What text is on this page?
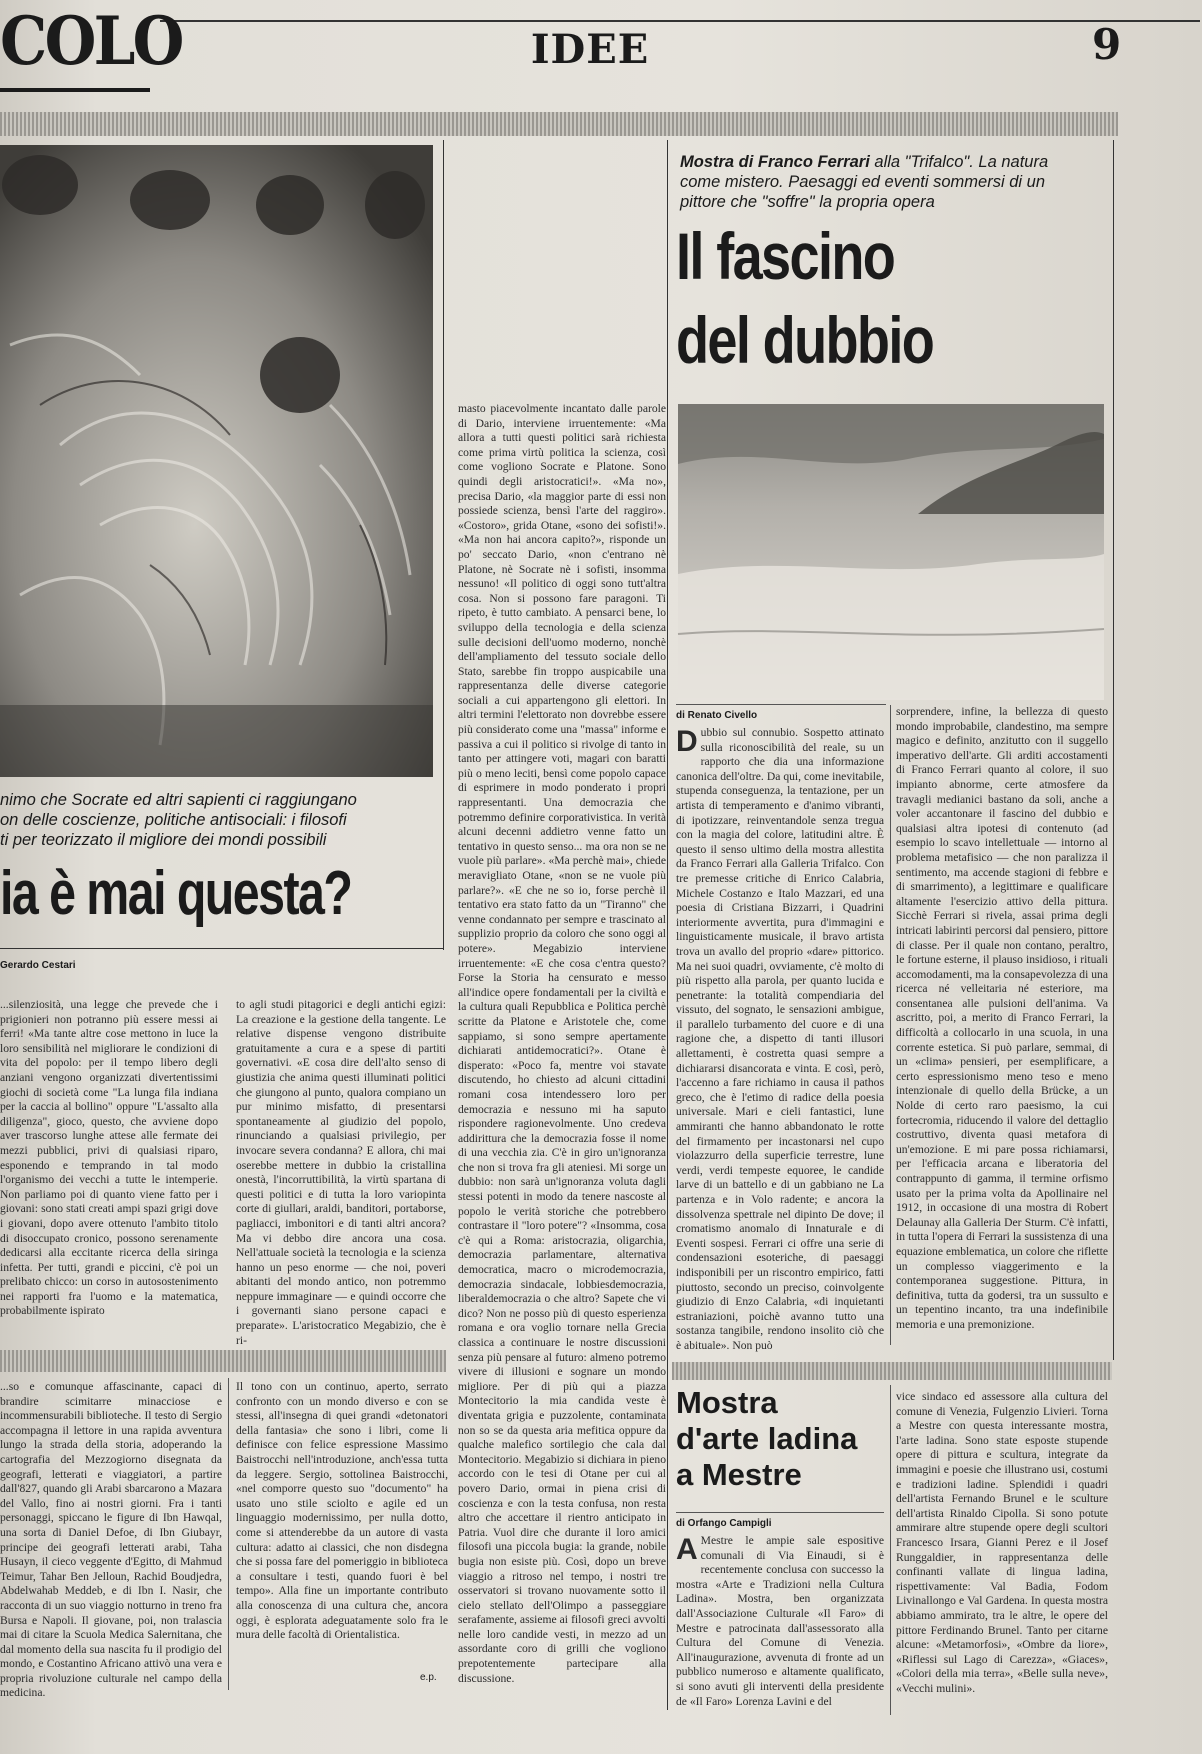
COLO	IDEE	9
nimo che Socrate ed altri sapienti ci raggiungano
on delle coscienze, politiche antisociali: i filosofi
ti per teorizzato il migliore dei mondi possibili
ia è mai questa?
Gerardo Cestari
...silenziosità, una legge che prevede che i prigionieri non potranno più essere messi ai ferri! «Ma tante altre cose mettono in luce la loro sensibilità nel migliorare le condizioni di vita del popolo: per il tempo libero degli anziani vengono organizzati divertentissimi giochi di società come "La lunga fila indiana per la caccia al bollino" oppure "L'assalto alla diligenza", gioco, questo, che avviene dopo aver trascorso lunghe attese alle fermate dei mezzi pubblici, privi di qualsiasi riparo, esponendo e temprando in tal modo l'organismo dei vecchi a tutte le intemperie. Non parliamo poi di quanto viene fatto per i giovani: sono stati creati ampi spazi grigi dove i giovani, dopo avere ottenuto l'ambito titolo di disoccupato cronico, possono serenamente dedicarsi alla eccitante ricerca della siringa infetta. Per tutti, grandi e piccini, c'è poi un prelibato chicco: un corso in autosostenimento nei rapporti fra l'uomo e la matematica, probabilmente ispirato
to agli studi pitagorici e degli antichi egizi: La creazione e la gestione della tangente. Le relative dispense vengono distribuite gratuitamente a cura e a spese di partiti governativi. «E cosa dire dell'alto senso di giustizia che anima questi illuminati politici che giungono al punto, qualora compiano un pur minimo misfatto, di presentarsi spontaneamente al giudizio del popolo, rinunciando a qualsiasi privilegio, per invocare severa condanna? E allora, chi mai oserebbe mettere in dubbio la cristallina onestà, l'incorruttibilità, la virtù spartana di questi politici e di tutta la loro variopinta corte di giullari, araldi, banditori, portaborse, pagliacci, imbonitori e di tanti altri ancora? Ma vi debbo dire ancora una cosa. Nell'attuale società la tecnologia e la scienza hanno un peso enorme — che noi, poveri abitanti del mondo antico, non potremmo neppure immaginare — e quindi occorre che i governanti siano persone capaci e preparate». L'aristocratico Megabizio, che è ri-
masto piacevolmente incantato dalle parole di Dario, interviene irruentemente: «Ma allora a tutti questi politici sarà richiesta come prima virtù politica la scienza, così come vogliono Socrate e Platone. Sono quindi degli aristocratici!». «Ma no», precisa Dario, «la maggior parte di essi non possiede scienza, bensì l'arte del raggiro». «Costoro», grida Otane, «sono dei sofisti!». «Ma non hai ancora capito?», risponde un po' seccato Dario, «non c'entrano nè Platone, nè Socrate nè i sofisti, insomma nessuno! «Il politico di oggi sono tutt'altra cosa. Non si possono fare paragoni. Ti ripeto, è tutto cambiato. A pensarci bene, lo sviluppo della tecnologia e della scienza sulle decisioni dell'uomo moderno, nonchè dell'ampliamento del tessuto sociale dello Stato, sarebbe fin troppo auspicabile una rappresentanza delle diverse categorie sociali a cui appartengono gli elettori. In altri termini l'elettorato non dovrebbe essere più considerato come una "massa" informe e passiva a cui il politico si rivolge di tanto in tanto per attingere voti, magari con baratti più o meno leciti, bensì come popolo capace di esprimere in modo ponderato i propri rappresentanti. Una democrazia che potremmo definire corporativistica. In verità alcuni decenni addietro venne fatto un tentativo in questo senso... ma ora non se ne vuole più parlare». «Ma perchè mai», chiede meravigliato Otane, «non se ne vuole più parlare?». «E che ne so io, forse perchè il tentativo era stato fatto da un "Tiranno" che venne condannato per sempre e trascinato al supplizio proprio da coloro che sono oggi al potere». Megabizio interviene irruentemente: «E che cosa c'entra questo? Forse la Storia ha censurato e messo all'indice opere fondamentali per la civiltà e la cultura quali Repubblica e Politica perchè scritte da Platone e Aristotele che, come sappiamo, si sono sempre apertamente dichiarati antidemocratici?». Otane è disperato: «Poco fa, mentre voi stavate discutendo, ho chiesto ad alcuni cittadini romani cosa intendessero loro per democrazia e nessuno mi ha saputo rispondere ragionevolmente. Uno credeva addirittura che la democrazia fosse il nome di una vecchia zia. C'è in giro un'ignoranza che non si trova fra gli ateniesi. Mi sorge un dubbio: non sarà un'ignoranza voluta dagli stessi potenti in modo da tenere nascoste al popolo le verità storiche che potrebbero contrastare il "loro potere"? «Insomma, cosa c'è qui a Roma: aristocrazia, oligarchia, democrazia parlamentare, alternativa democratica, macro o microdemocrazia, democrazia sindacale, lobbiesdemocrazia, liberaldemocrazia o che altro? Sapete che vi dico? Non ne posso più di questo esperienza romana e ora voglio tornare nella Grecia classica a continuare le nostre discussioni senza più pensare al futuro: almeno potremo vivere di illusioni e sognare un mondo migliore. Per di più qui a piazza Montecitorio la mia candida veste è diventata grigia e puzzolente, contaminata non so se da questa aria mefitica oppure da qualche malefico sortilegio che cala dal Montecitorio. Megabizio si dichiara in pieno accordo con le tesi di Otane per cui al povero Dario, ormai in piena crisi di coscienza e con la testa confusa, non resta altro che accettare il rientro anticipato in Patria. Vuol dire che durante il loro amici filosofi una piccola bugia: la grande, nobile bugia non esiste più. Così, dopo un breve viaggio a ritroso nel tempo, i nostri tre osservatori si trovano nuovamente sotto il cielo stellato dell'Olimpo a passeggiare serafamente, assieme ai filosofi greci avvolti nelle loro candide vesti, in mezzo ad un assordante coro di grilli che vogliono prepotentemente partecipare alla discussione.
e.p.
...so e comunque affascinante, capaci di brandire scimitarre minacciose e incommensurabili biblioteche. Il testo di Sergio accompagna il lettore in una rapida avventura lungo la strada della storia, adoperando la cartografia del Mezzogiorno disegnata da geografi, letterati e viaggiatori, a partire dall'827, quando gli Arabi sbarcarono a Mazara del Vallo, fino ai nostri giorni. Fra i tanti personaggi, spiccano le figure di Ibn Hawqal, una sorta di Daniel Defoe, di Ibn Giubayr, principe dei geografi letterati arabi, Taha Husayn, il cieco veggente d'Egitto, di Mahmud Teimur, Tahar Ben Jelloun, Rachid Boudjedra, Abdelwahab Meddeb, e di Ibn I. Nasir, che racconta di un suo viaggio notturno in treno fra Bursa e Napoli. Il giovane, poi, non tralascia mai di citare la Scuola Medica Salernitana, che dal momento della sua nascita fu il prodigio del mondo, e Costantino Africano attivò una vera e propria rivoluzione culturale nel campo della medicina.
Il tono con un continuo, aperto, serrato confronto con un mondo diverso e con se stessi, all'insegna di quei grandi «detonatori della fantasia» che sono i libri, come li definisce con felice espressione Massimo Baistrocchi nell'introduzione, anch'essa tutta da leggere. Sergio, sottolinea Baistrocchi, «nel comporre questo suo "documento" ha usato uno stile sciolto e agile ed un linguaggio modernissimo, per nulla dotto, come si attenderebbe da un autore di vasta cultura: adatto ai classici, che non disdegna che si possa fare del pomeriggio in biblioteca a consultare i testi, quando fuori è bel tempo». Alla fine un importante contributo alla conoscenza di una cultura che, ancora oggi, è esplorata adeguatamente solo fra le mura delle facoltà di Orientalistica.
Mostra di Franco Ferrari alla "Trifalco". La natura come mistero. Paesaggi ed eventi sommersi di un pittore che "soffre" la propria opera
Il fascino
del dubbio
di Renato Civello
Dubbio sul connubio. Sospetto attinato sulla riconoscibilità del reale, su un rapporto che dia una informazione canonica dell'oltre. Da qui, come inevitabile, stupenda conseguenza, la tentazione, per un artista di temperamento e d'animo vibranti, di ipotizzare, reinventandole senza tregua con la magia del colore, latitudini altre. È questo il senso ultimo della mostra allestita da Franco Ferrari alla Galleria Trifalco. Con tre premesse critiche di Enrico Calabria, Michele Costanzo e Italo Mazzari, ed una poesia di Cristiana Bizzarri, i Quadrini interiormente avvertita, pura d'immagini e linguisticamente musicale, il bravo artista trova un avallo del proprio «dare» pittorico. Ma nei suoi quadri, ovviamente, c'è molto di più rispetto alla parola, per quanto lucida e penetrante: la totalità compendiaria del vissuto, del sognato, le sensazioni ambigue, il parallelo turbamento del cuore e di una ragione che, a dispetto di tanti illusori allettamenti, è costretta quasi sempre a dichiararsi disancorata e vinta. E così, però, l'accenno a fare richiamo in causa il pathos greco, che è l'etimo di radice della poesia universale. Mari e cieli fantastici, lune ammiranti che hanno abbandonato le rotte del firmamento per incastonarsi nel cupo violazzurro della superficie terrestre, lune verdi, verdi tempeste equoree, le candide larve di un battello e di un gabbiano ne La partenza e in Volo radente; e ancora la dissolvenza spettrale nel dipinto De dove; il cromatismo anomalo di Innaturale e di Eventi sospesi. Ferrari ci offre una serie di condensazioni esoteriche, di paesaggi indisponibili per un riscontro empirico, fatti piuttosto, secondo un preciso, coinvolgente giudizio di Enzo Calabria, «di inquietanti estraniazioni, poichè avanno tutto una sostanza tangibile, rendono insolito ciò che è abituale». Non può
sorprendere, infine, la bellezza di questo mondo improbabile, clandestino, ma sempre magico e definito, anzitutto con il suggello imperativo dell'arte. Gli arditi accostamenti di Franco Ferrari quanto al colore, il suo impianto abnorme, certe atmosfere da travagli medianici bastano da soli, anche a voler accantonare il fascino del dubbio e qualsiasi altra ipotesi di contenuto (ad esempio lo scavo intellettuale — intorno al problema metafisico — che non paralizza il sentimento, ma accende stagioni di febbre e di smarrimento), a legittimare e qualificare altamente l'esercizio attivo della pittura. Sicchè Ferrari si rivela, assai prima degli intricati labirinti percorsi dal pensiero, pittore di classe. Per il quale non contano, peraltro, le fortune esterne, il plauso insidioso, i rituali accomodamenti, ma la consapevolezza di una ricerca né velleitaria né esteriore, ma consentanea alle pulsioni dell'anima. Va ascritto, poi, a merito di Franco Ferrari, la difficoltà a collocarlo in una scuola, in una corrente estetica. Si può parlare, semmai, di un «clima» pensieri, per esemplificare, a certo espressionismo meno teso e meno intenzionale di quello della Brücke, a un Nolde di certo raro paesismo, la cui fortecromia, riducendo il valore del dettaglio costruttivo, diventa quasi metafora di un'emozione. E mi pare possa richiamarsi, per l'efficacia arcana e liberatoria del contrappunto di gamma, il termine orfismo usato per la prima volta da Apollinaire nel 1912, in occasione di una mostra di Robert Delaunay alla Galleria Der Sturm. C'è infatti, in tutta l'opera di Ferrari la sussistenza di una equazione emblematica, un colore che riflette un complesso viaggerimento e la contemporanea suggestione. Pittura, in definitiva, tutta da godersi, tra un sussulto e un tepentino incanto, tra una indefinibile memoria e una premonizione.
Mostra
d'arte ladina
a Mestre
di Orfango Campigli
A Mestre le ampie sale espositive comunali di Via Einaudi, si è recentemente conclusa con successo la mostra «Arte e Tradizioni nella Cultura Ladina». Mostra, ben organizzata dall'Associazione Culturale «Il Faro» di Mestre e patrocinata dall'assessorato alla Cultura del Comune di Venezia. All'inaugurazione, avvenuta di fronte ad un pubblico numeroso e altamente qualificato, si sono avuti gli interventi della presidente de «Il Faro» Lorenza Lavini e del
vice sindaco ed assessore alla cultura del comune di Venezia, Fulgenzio Livieri. Torna a Mestre con questa interessante mostra, l'arte ladina. Sono state esposte stupende opere di pittura e scultura, integrate da immagini e poesie che illustrano usi, costumi e tradizioni ladine. Splendidi i quadri dell'artista Fernando Brunel e le sculture dell'artista Rinaldo Cipolla. Si sono potute ammirare altre stupende opere degli scultori Francesco Irsara, Gianni Perez e il Josef Runggaldier, in rappresentanza delle confinanti vallate di lingua ladina, rispettivamente: Val Badia, Fodom Livinallongo e Val Gardena. In questa mostra abbiamo ammirato, tra le altre, le opere del pittore Ferdinando Brunel. Tanto per citarne alcune: «Metamorfosi», «Ombre da liore», «Riflessi sul Lago di Carezza», «Giaces», «Colori della mia terra», «Belle sulla neve», «Vecchi mulini».
